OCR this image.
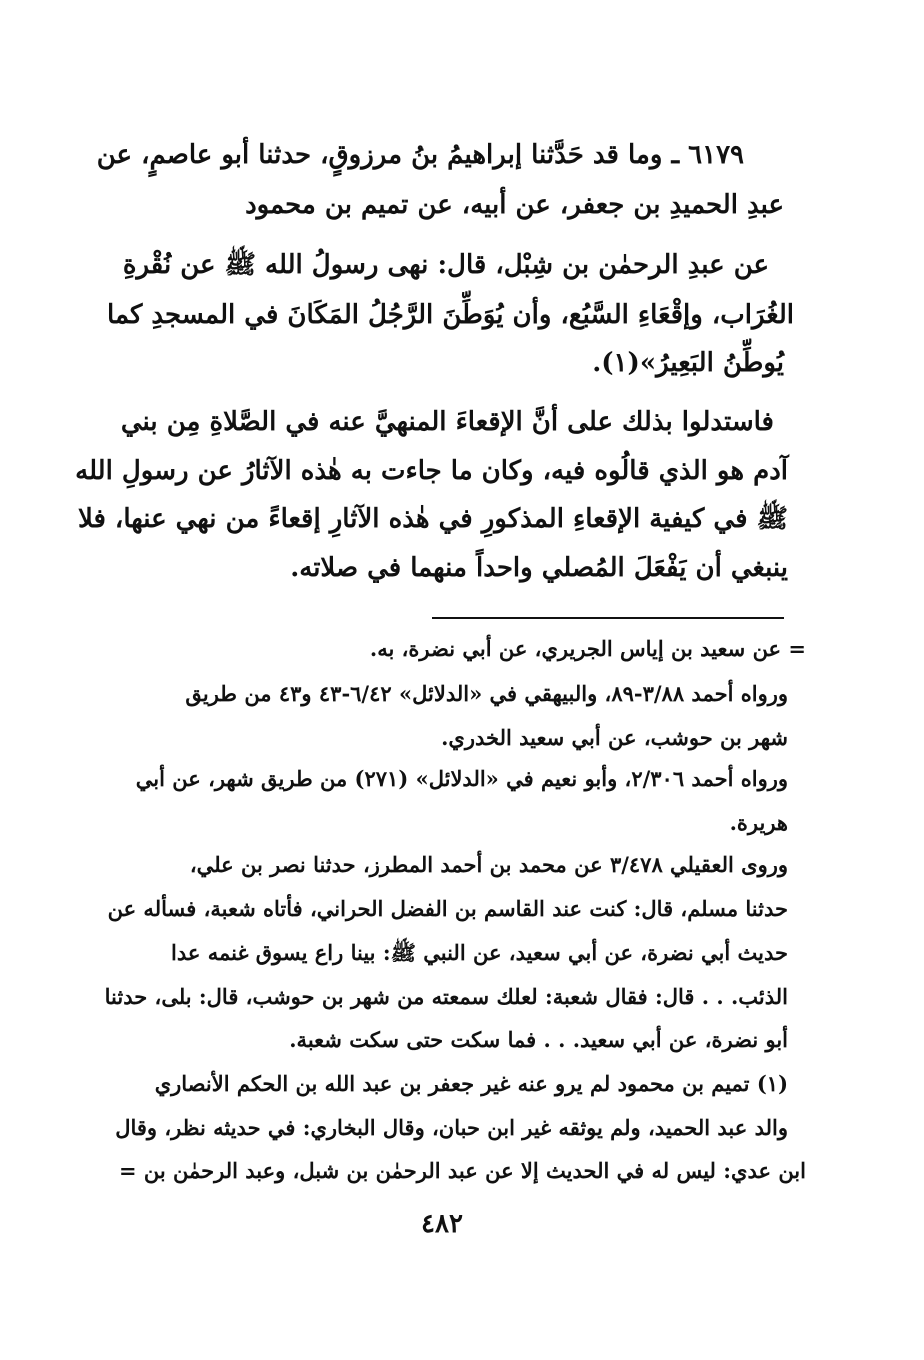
٦١٧٩ ـ وما قد حَدَّثنا إبراهيمُ بنُ مرزوقٍ، حدثنا أبو عاصمٍ، عن
عبدِ الحميدِ بن جعفر، عن أبيه، عن تميم بن محمود
عن عبدِ الرحمٰن بن شِبْل، قال: نهى رسولُ الله ﷺ عن نُقْرةِ
الغُرَاب، وإقْعَاءِ السَّبُع، وأن يُوَطِّنَ الرَّجُلُ المَكَانَ في المسجدِ كما
يُوطِّنُ البَعِيرُ»(١).
فاستدلوا بذلك على أنَّ الإقعاءَ المنهيَّ عنه في الصَّلاةِ مِن بني
آدم هو الذي قالُوه فيه، وكان ما جاءت به هٰذه الآثارُ عن رسولِ الله
ﷺ في كيفية الإقعاءِ المذكورِ في هٰذه الآثارِ إقعاءً من نهي عنها، فلا
ينبغي أن يَفْعَلَ المُصلي واحداً منهما في صلاته.
= عن سعيد بن إياس الجريري، عن أبي نضرة، به.
ورواه أحمد ٣/٨٨-٨٩، والبيهقي في «الدلائل» ٦/٤٢-٤٣ و٤٣ من طريق
شهر بن حوشب، عن أبي سعيد الخدري.
ورواه أحمد ٢/٣٠٦، وأبو نعيم في «الدلائل» (٢٧١) من طريق شهر، عن أبي
هريرة.
وروى العقيلي ٣/٤٧٨ عن محمد بن أحمد المطرز، حدثنا نصر بن علي،
حدثنا مسلم، قال: كنت عند القاسم بن الفضل الحراني، فأتاه شعبة، فسأله عن
حديث أبي نضرة، عن أبي سعيد، عن النبي ﷺ: بينا راع يسوق غنمه عدا
الذئب. . . قال: فقال شعبة: لعلك سمعته من شهر بن حوشب، قال: بلى، حدثنا
أبو نضرة، عن أبي سعيد. . . فما سكت حتى سكت شعبة.
(١) تميم بن محمود لم يرو عنه غير جعفر بن عبد الله بن الحكم الأنصاري
والد عبد الحميد، ولم يوثقه غير ابن حبان، وقال البخاري: في حديثه نظر، وقال
ابن عدي: ليس له في الحديث إلا عن عبد الرحمٰن بن شبل، وعبد الرحمٰن بن =
٤٨٢
